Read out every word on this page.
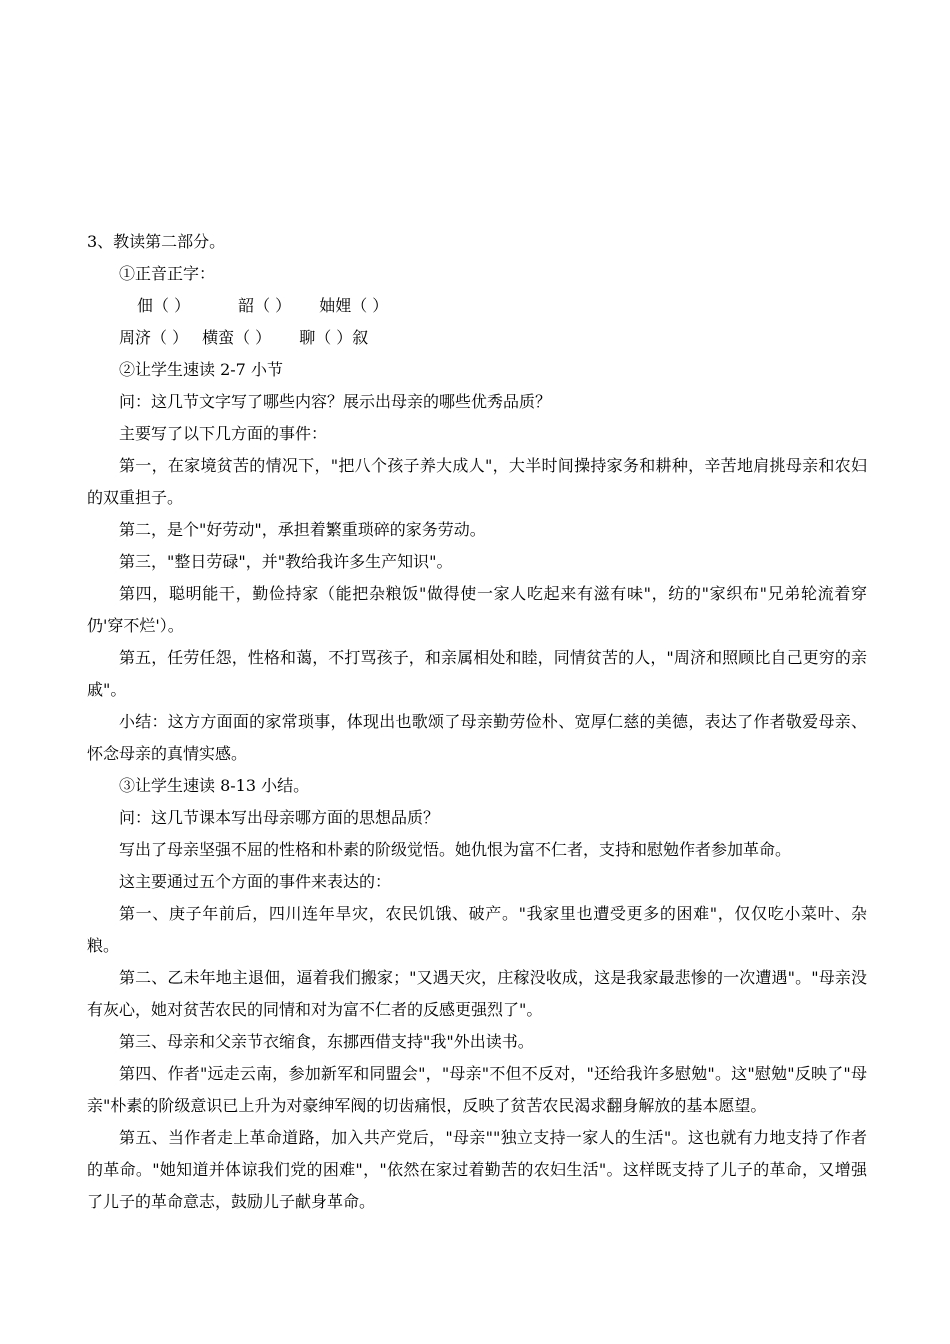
3、教读第二部分。
①正音正字：
佃（ ）	韶（ ） 妯娌（ ）
周济（ ） 横蛮（ ） 聊（ ）叙
②让学生速读 2-7 小节
问：这几节文字写了哪些内容？展示出母亲的哪些优秀品质？
主要写了以下几方面的事件：
第一，在家境贫苦的情况下，"把八个孩子养大成人"，大半时间操持家务和耕种，辛苦地肩挑母亲和农妇的双重担子。
第二，是个"好劳动"，承担着繁重琐碎的家务劳动。
第三，"整日劳碌"，并"教给我许多生产知识"。
第四，聪明能干，勤俭持家（能把杂粮饭"做得使一家人吃起来有滋有味"，纺的"家织布"兄弟轮流着穿仍'穿不烂'）。
第五，任劳任怨，性格和蔼，不打骂孩子，和亲属相处和睦，同情贫苦的人，"周济和照顾比自己更穷的亲戚"。
小结：这方方面面的家常琐事，体现出也歌颂了母亲勤劳俭朴、宽厚仁慈的美德，表达了作者敬爱母亲、怀念母亲的真情实感。
③让学生速读 8-13 小结。
问：这几节课本写出母亲哪方面的思想品质？
写出了母亲坚强不屈的性格和朴素的阶级觉悟。她仇恨为富不仁者，支持和慰勉作者参加革命。
这主要通过五个方面的事件来表达的：
第一、庚子年前后，四川连年旱灾，农民饥饿、破产。"我家里也遭受更多的困难"，仅仅吃小菜叶、杂粮。
第二、乙未年地主退佃，逼着我们搬家；"又遇天灾，庄稼没收成，这是我家最悲惨的一次遭遇"。"母亲没有灰心，她对贫苦农民的同情和对为富不仁者的反感更强烈了"。
第三、母亲和父亲节衣缩食，东挪西借支持"我"外出读书。
第四、作者"远走云南，参加新军和同盟会"，"母亲"不但不反对，"还给我许多慰勉"。这"慰勉"反映了"母亲"朴素的阶级意识已上升为对豪绅军阀的切齿痛恨，反映了贫苦农民渴求翻身解放的基本愿望。
第五、当作者走上革命道路，加入共产党后，"母亲""独立支持一家人的生活"。这也就有力地支持了作者的革命。"她知道并体谅我们党的困难"，"依然在家过着勤苦的农妇生活"。这样既支持了儿子的革命，又增强了儿子的革命意志，鼓励儿子献身革命。
